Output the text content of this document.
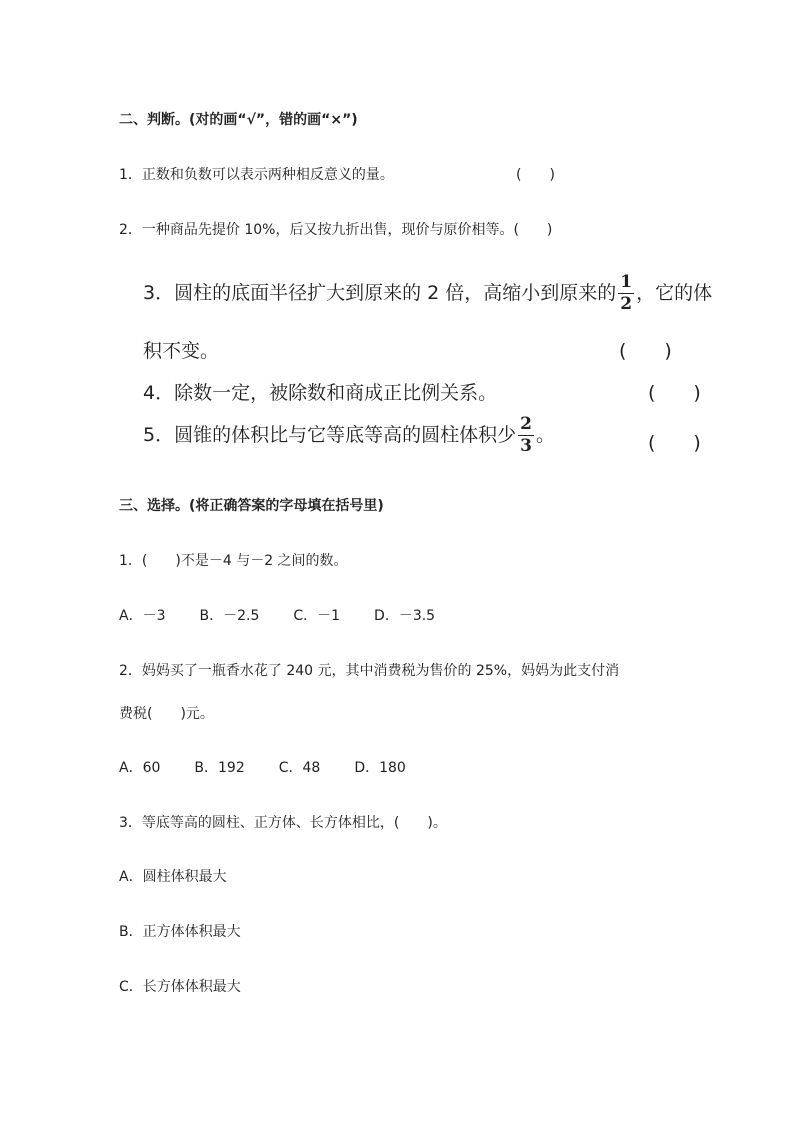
二、判断。(对的画“√”，错的画“×”)
1．正数和负数可以表示两种相反意义的量。	(　　)
2．一种商品先提价 10%，后又按九折出售，现价与原价相等。(　　)
3．圆柱的底面半径扩大到原来的 2 倍，高缩小到原来的 $\frac{1}{2}$ ，它的体
积不变。	(　　)
4．除数一定，被除数和商成正比例关系。	(　　)
5．圆锥的体积比与它等底等高的圆柱体积少 $\frac{2}{3}$ 。	(　　)
三、选择。(将正确答案的字母填在括号里)
1．(　　)不是－4 与－2 之间的数。
A．－3 B．－2.5 C．－1 D．－3.5
2．妈妈买了一瓶香水花了 240 元，其中消费税为售价的 25%，妈妈为此支付消
费税(　　)元。
A．60 B．192 C．48 D．180
3．等底等高的圆柱、正方体、长方体相比，(　　)。
A．圆柱体积最大
B．正方体体积最大
C．长方体体积最大
